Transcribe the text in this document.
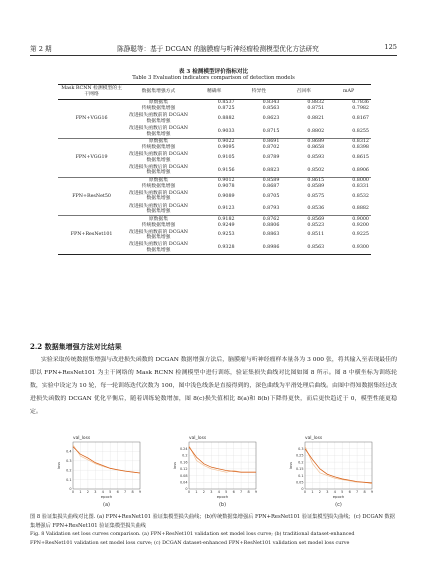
第 2 期	陈静聪等：基于 DCGAN 的脑膜瘤与听神经瘤检测模型优化方法研究	125
表 3 检测模型评价指标对比
Table 3 Evaluation indicators comparison of detection models
Mask RCNN 检测模型的主干网络	数据集增强方式	精确率	特异性	召回率	mAP
FPN+VGG16	原数据集	0.8537	0.8343	0.8832	0.7836
	传统数据集增强	0.8725	0.8563	0.8751	0.7982
	改进损失函数前的 DCGAN 数据集增强	0.8882	0.8623	0.8821	0.8167
	改进损失函数后的 DCGAN 数据集增强	0.9033	0.8715	0.8802	0.8255
FPN+VGG19	原数据集	0.9022	0.8691	0.8689	0.8312
	传统数据集增强	0.9095	0.8702	0.8658	0.8398
	改进损失函数前的 DCGAN 数据集增强	0.9105	0.8789	0.8593	0.8615
	改进损失函数后的 DCGAN 数据集增强	0.9156	0.8823	0.8502	0.8906
FPN+ResNet50	原数据集	0.9012	0.8589	0.8615	0.8000
	传统数据集增强	0.9078	0.8687	0.8589	0.8331
	改进损失函数前的 DCGAN 数据集增强	0.9089	0.8705	0.8575	0.8532
	改进损失函数后的 DCGAN 数据集增强	0.9123	0.8793	0.8536	0.8882
FPN+ResNet101	原数据集	0.9182	0.8762	0.8569	0.9000
	传统数据集增强	0.9249	0.8806	0.8523	0.9200
	改进损失函数前的 DCGAN 数据集增强	0.9253	0.8863	0.8511	0.9225
	改进损失函数后的 DCGAN 数据集增强	0.9328	0.8986	0.8563	0.9300
2.2 数据集增强方法对比结果
实验采取传统数据集增强与改进损失函数的 DCGAN 数据增强方法后，脑膜瘤与听神经瘤样本量各为 3 000 张，将其输入至表现最佳的即以 FPN+ResNet101 为主干网络的 Mask RCNN 检测模型中进行训练，验证集损失曲线对比图如图 8 所示。图 8 中横坐标为训练轮数，实验中设定为 10 轮，每一轮训练迭代次数为 100，图中浅色线条是直接得到的，深色曲线为平滑处理后曲线。由图中得知数据集经过改进损失函数的 DCGAN 优化平衡后，随着训练轮数增加，图 8(c)损失值相比 8(a)和 8(b)下降得更快，而后更快趋近于 0，模型性能更稳定。
val_loss
0
0.1
0.2
0.3
0.4
0 1 2 3 4 5 6 7 8 9
epoch
loss
(a)
val_loss
0
0.04
0.08
0.12
0.16
0.2
0.24
0 1 2 3 4 5 6 7 8 9
epoch
loss
(b)
val_loss
0
0.05
0.1
0.15
0.2
0.25
0.3
0 1 2 3 4 5 6 7 8 9
epoch
loss
(c)
图 8 验证集损失曲线对比图. (a) FPN+ResNet101 验证集模型损失曲线；(b)传统数据集增强后 FPN+ResNet101 验证集模型损失曲线；(c) DCGAN 数据集增强后 FPN+ResNet101 验证集模型损失曲线
Fig. 8 Validation set loss curves comparison. (a) FPN+ResNet101 validation set model loss curve; (b) traditional dataset-enhanced FPN+ResNet101 validation set model loss curve; (c) DCGAN dataset-enhanced FPN+ResNet101 validation set model loss curve
